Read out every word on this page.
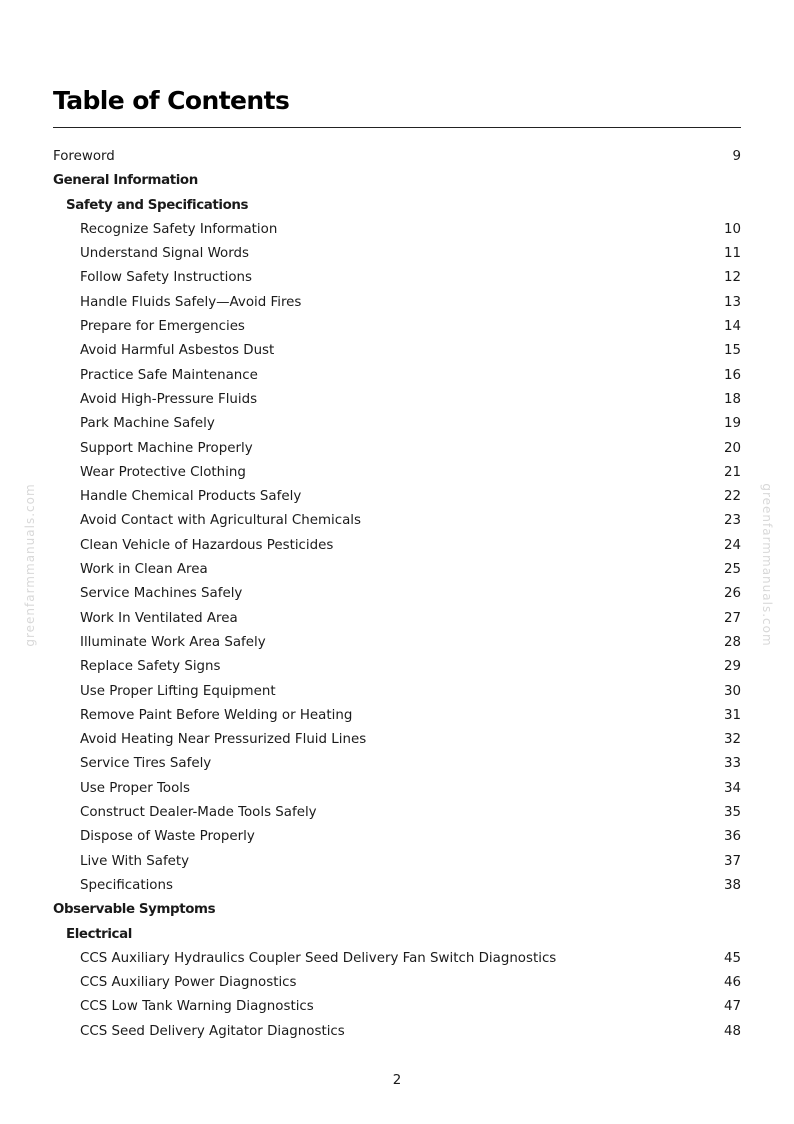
Table of Contents
Foreword	9
General Information
Safety and Specifications
Recognize Safety Information	10
Understand Signal Words	11
Follow Safety Instructions	12
Handle Fluids Safely—Avoid Fires	13
Prepare for Emergencies	14
Avoid Harmful Asbestos Dust	15
Practice Safe Maintenance	16
Avoid High-Pressure Fluids	18
Park Machine Safely	19
Support Machine Properly	20
Wear Protective Clothing	21
Handle Chemical Products Safely	22
Avoid Contact with Agricultural Chemicals	23
Clean Vehicle of Hazardous Pesticides	24
Work in Clean Area	25
Service Machines Safely	26
Work In Ventilated Area	27
Illuminate Work Area Safely	28
Replace Safety Signs	29
Use Proper Lifting Equipment	30
Remove Paint Before Welding or Heating	31
Avoid Heating Near Pressurized Fluid Lines	32
Service Tires Safely	33
Use Proper Tools	34
Construct Dealer-Made Tools Safely	35
Dispose of Waste Properly	36
Live With Safety	37
Specifications	38
Observable Symptoms
Electrical
CCS Auxiliary Hydraulics Coupler Seed Delivery Fan Switch Diagnostics	45
CCS Auxiliary Power Diagnostics	46
CCS Low Tank Warning Diagnostics	47
CCS Seed Delivery Agitator Diagnostics	48
greenfarmmanuals.com	greenfarmmanuals.com
2
